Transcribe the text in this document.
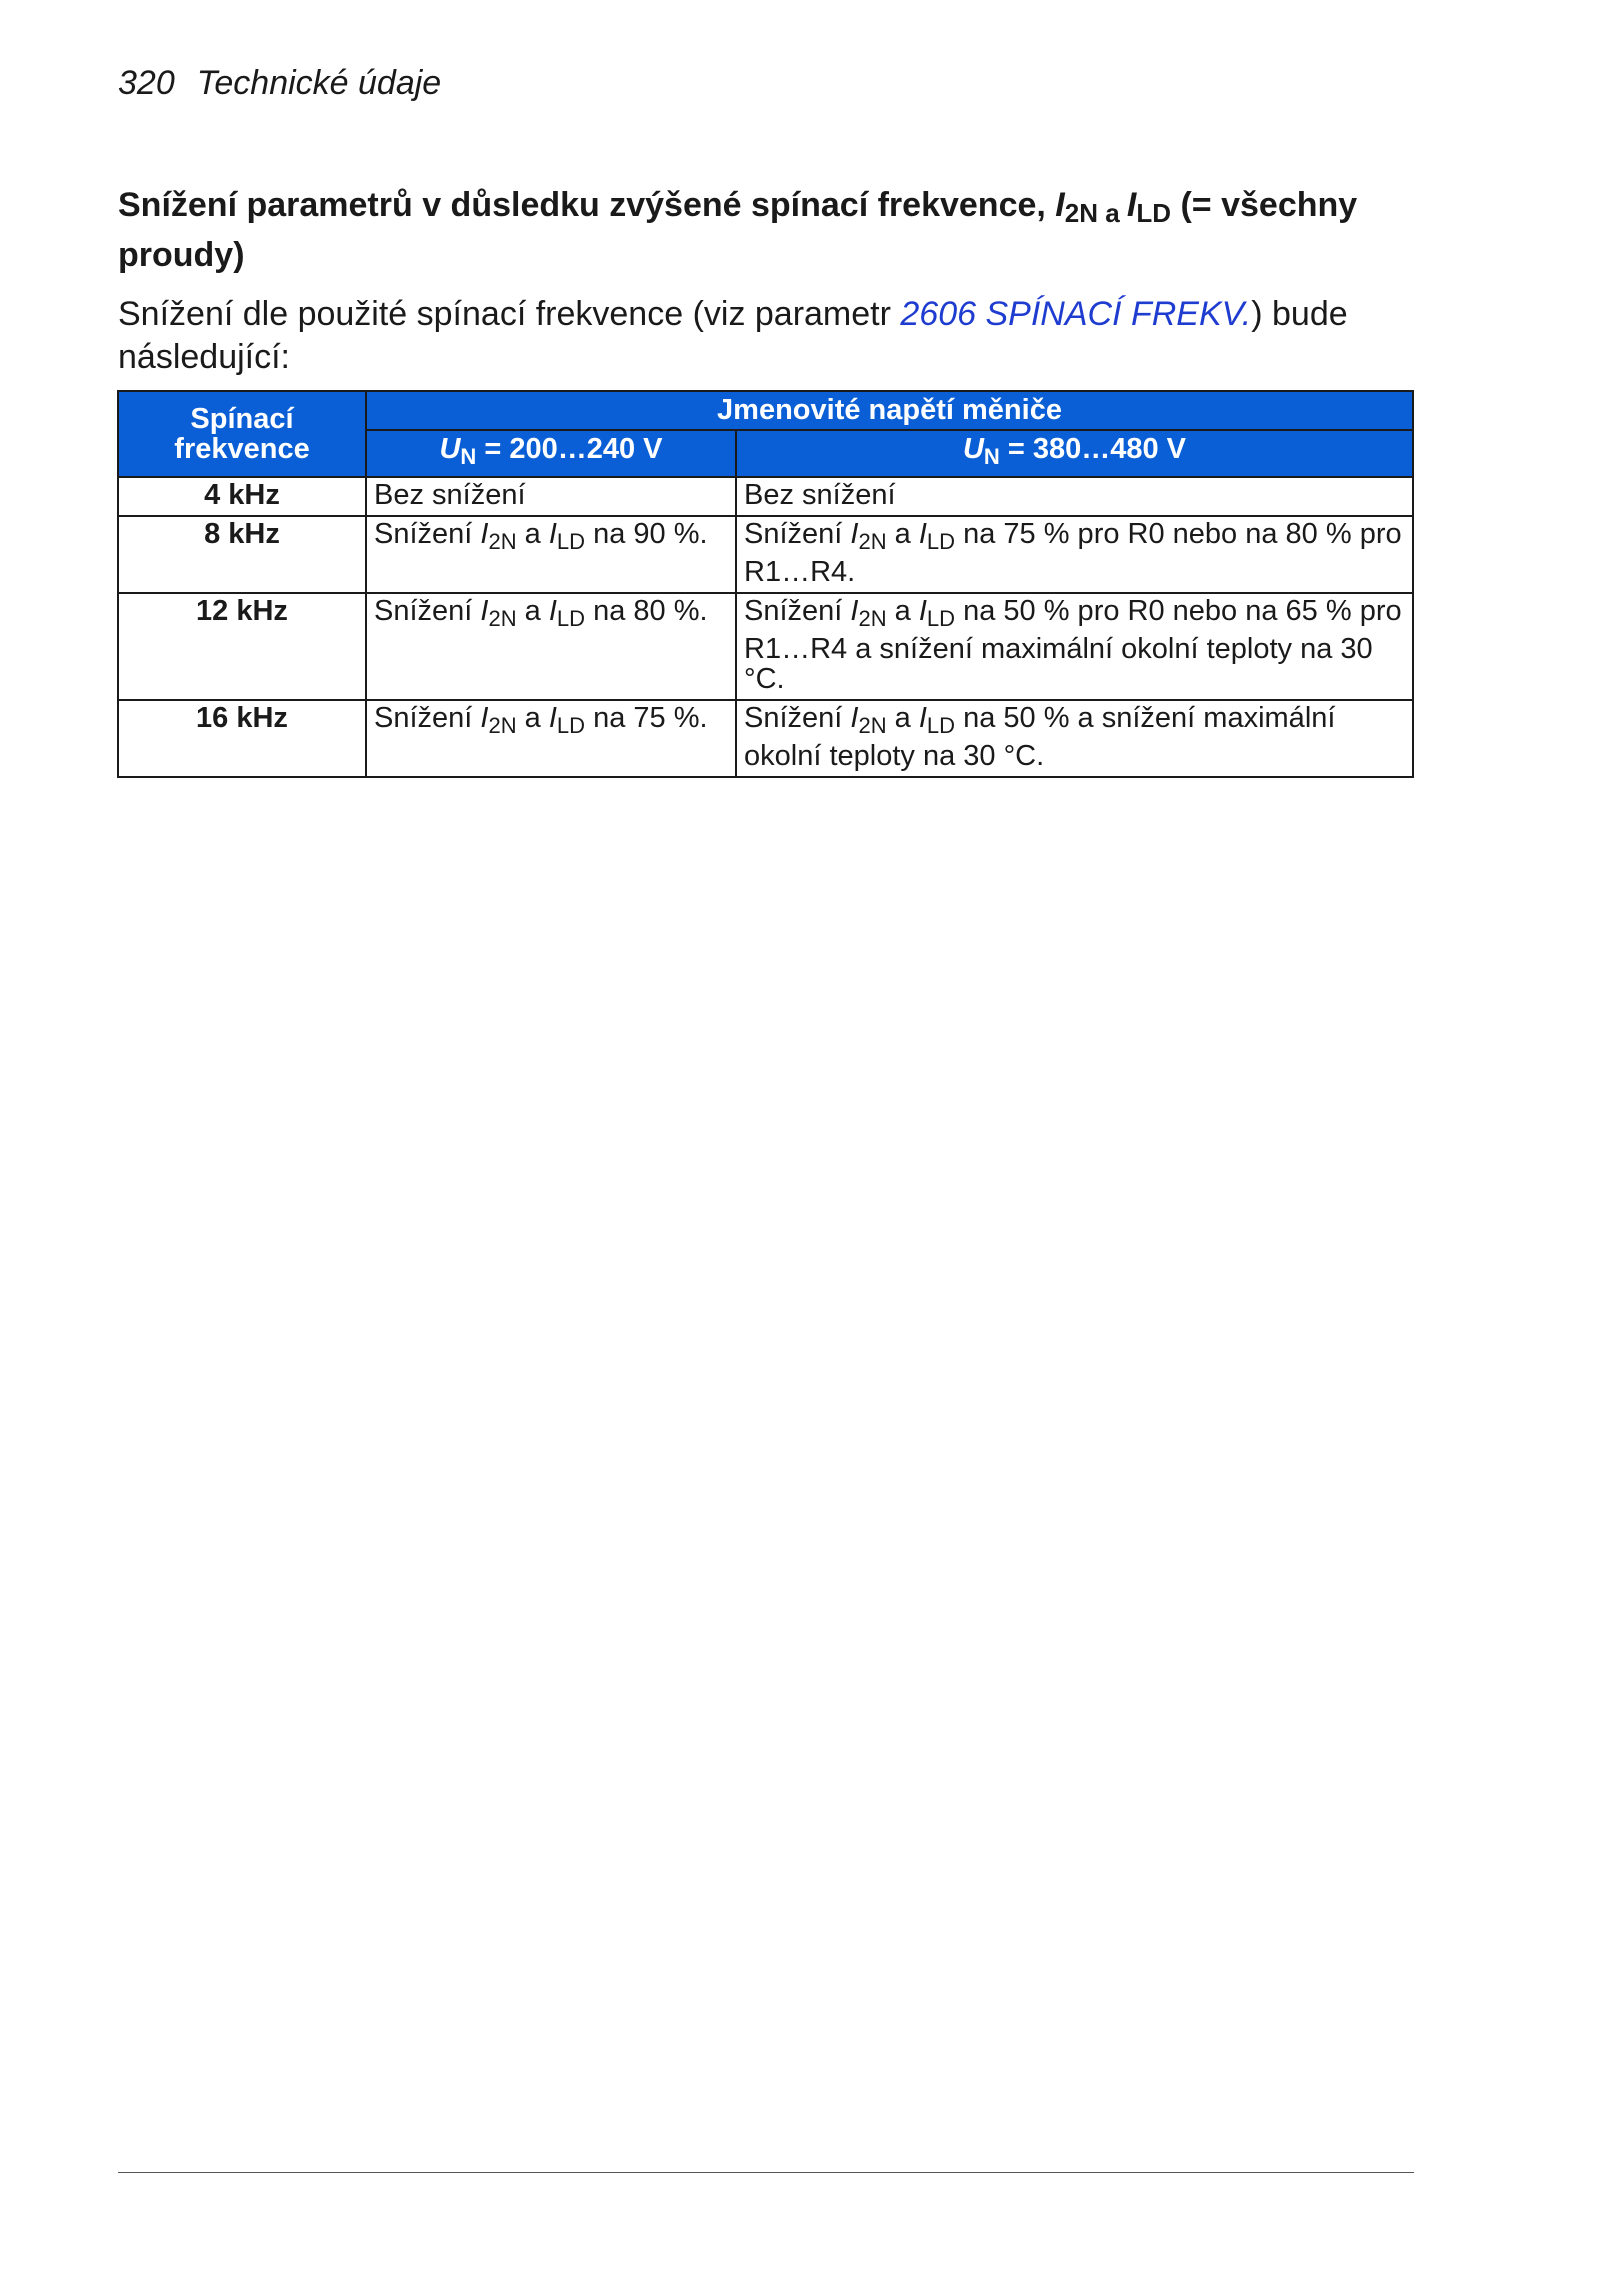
320 Technické údaje
Snížení parametrů v důsledku zvýšené spínací frekvence, $I_{2N}$ $_a$ $I_{LD}$ (= všechny proudy)
Snížení dle použité spínací frekvence (viz parametr 2606 SPÍNACÍ FREKV.) bude následující:
Spínací frekvence	Jmenovité napětí měniče	
	$U_N$ = 200…240 V	$U_N$ = 380…480 V
4 kHz	Bez snížení	Bez snížení
8 kHz	Snížení $I_{2N}$ a $I_{LD}$ na 90 %.	Snížení $I_{2N}$ a $I_{LD}$ na 75 % pro R0 nebo na 80 % pro R1…R4.
12 kHz	Snížení $I_{2N}$ a $I_{LD}$ na 80 %.	Snížení $I_{2N}$ a $I_{LD}$ na 50 % pro R0 nebo na 65 % pro R1…R4 a snížení maximální okolní teploty na 30 °C.
16 kHz	Snížení $I_{2N}$ a $I_{LD}$ na 75 %.	Snížení $I_{2N}$ a $I_{LD}$ na 50 % a snížení maximální okolní teploty na 30 °C.
